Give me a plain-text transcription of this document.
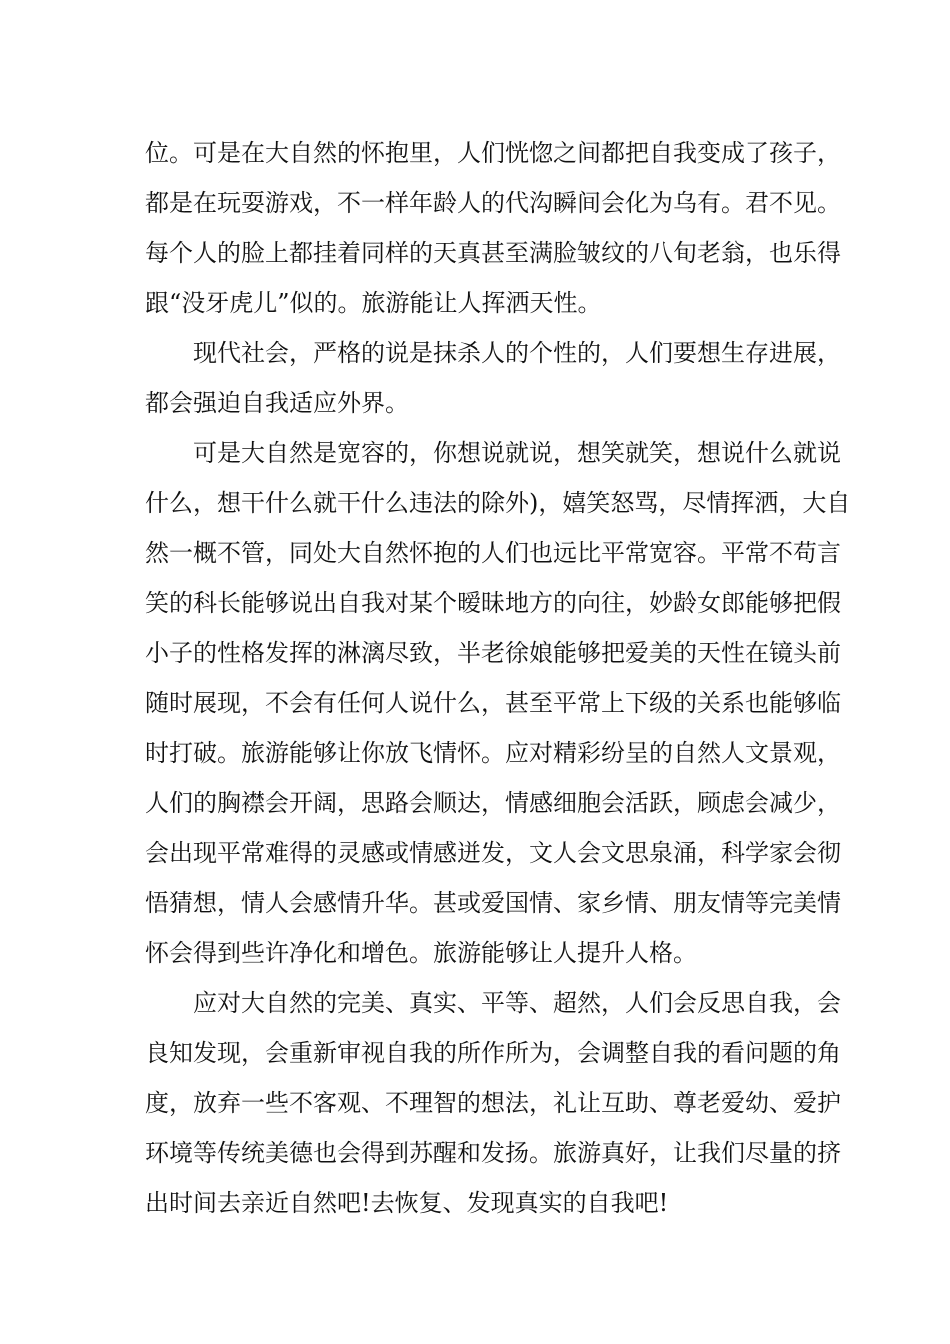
位。可是在大自然的怀抱里，人们恍惚之间都把自我变成了孩子，
都是在玩耍游戏，不一样年龄人的代沟瞬间会化为乌有。君不见。
每个人的脸上都挂着同样的天真甚至满脸皱纹的八旬老翁，也乐得
跟“没牙虎儿”似的。旅游能让人挥洒天性。
现代社会，严格的说是抹杀人的个性的，人们要想生存进展，
都会强迫自我适应外界。
可是大自然是宽容的，你想说就说，想笑就笑，想说什么就说
什么，想干什么就干什么违法的除外)，嬉笑怒骂，尽情挥洒，大自
然一概不管，同处大自然怀抱的人们也远比平常宽容。平常不苟言
笑的科长能够说出自我对某个暧昧地方的向往，妙龄女郎能够把假
小子的性格发挥的淋漓尽致，半老徐娘能够把爱美的天性在镜头前
随时展现，不会有任何人说什么，甚至平常上下级的关系也能够临
时打破。旅游能够让你放飞情怀。应对精彩纷呈的自然人文景观，
人们的胸襟会开阔，思路会顺达，情感细胞会活跃，顾虑会减少，
会出现平常难得的灵感或情感迸发，文人会文思泉涌，科学家会彻
悟猜想，情人会感情升华。甚或爱国情、家乡情、朋友情等完美情
怀会得到些许净化和增色。旅游能够让人提升人格。
应对大自然的完美、真实、平等、超然，人们会反思自我，会
良知发现，会重新审视自我的所作所为，会调整自我的看问题的角
度，放弃一些不客观、不理智的想法，礼让互助、尊老爱幼、爱护
环境等传统美德也会得到苏醒和发扬。旅游真好，让我们尽量的挤
出时间去亲近自然吧!去恢复、发现真实的自我吧!
